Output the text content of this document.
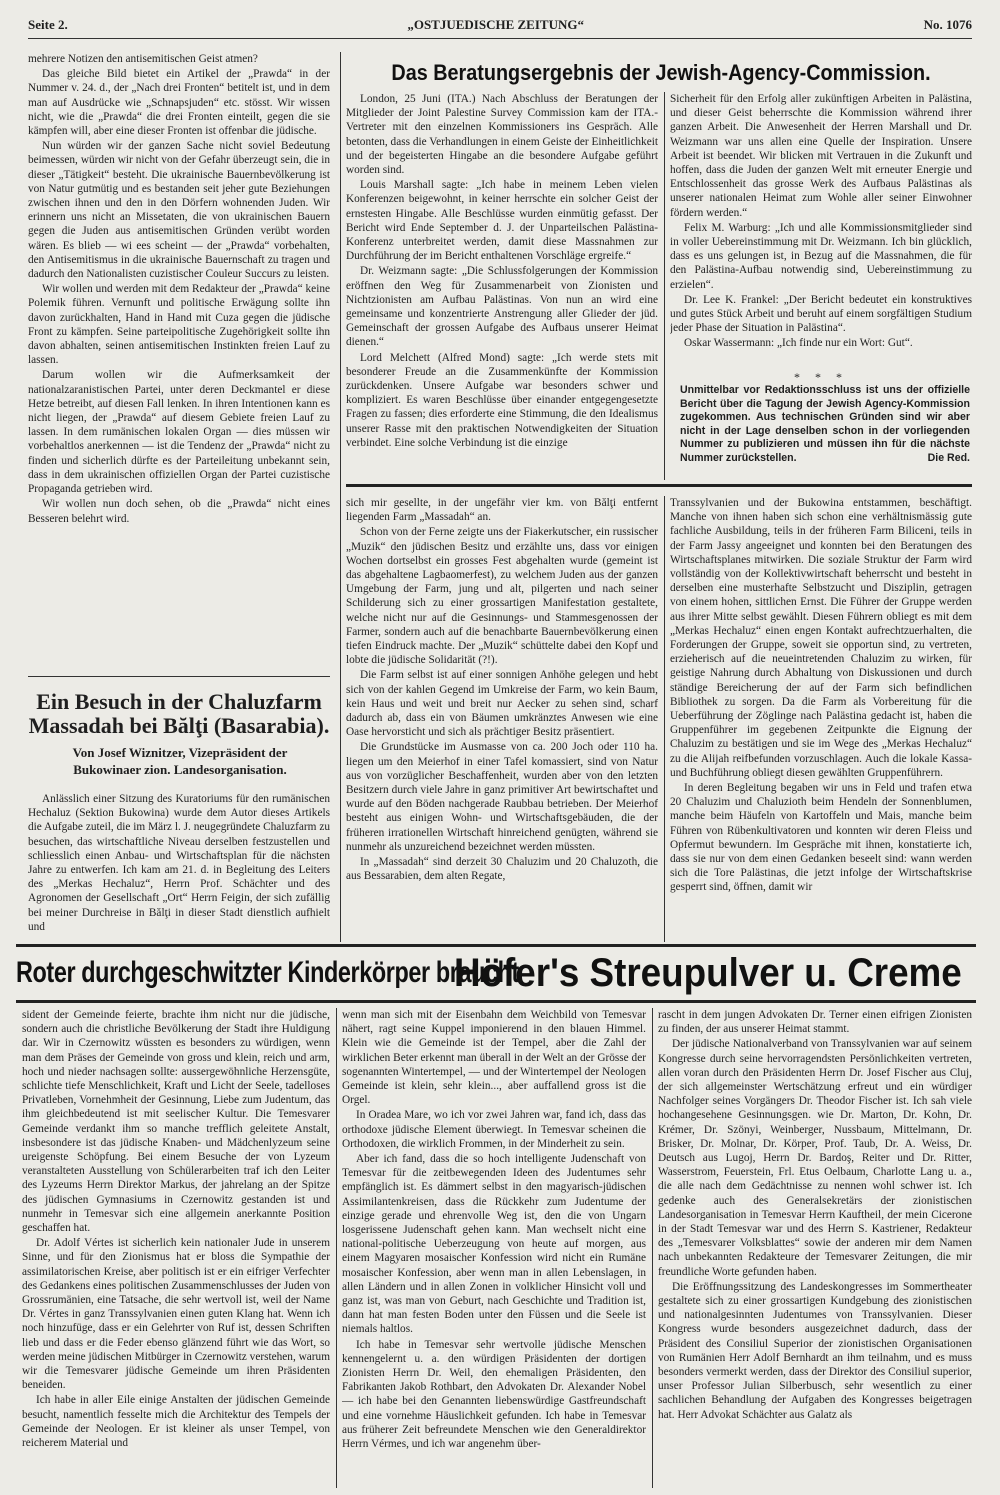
Seite 2.	„OSTJUEDISCHE ZEITUNG“	No. 1076

mehrere Notizen den antisemitischen Geist atmen?

Das gleiche Bild bietet ein Artikel der „Prawda“ in der Nummer v. 24. d., der „Nach drei Fronten“ betitelt ist, und in dem man auf Ausdrücke wie „Schnapsjuden“ etc. stösst. Wir wissen nicht, wie die „Prawda“ die drei Fronten einteilt, gegen die sie kämpfen will, aber eine dieser Fronten ist offenbar die jüdische.

Nun würden wir der ganzen Sache nicht soviel Bedeutung beimessen, würden wir nicht von der Gefahr überzeugt sein, die in dieser „Tätigkeit“ besteht. Die ukrainische Bauernbevölkerung ist von Natur gutmütig und es bestanden seit jeher gute Beziehungen zwischen ihnen und den in den Dörfern wohnenden Juden. Wir erinnern uns nicht an Missetaten, die von ukrainischen Bauern gegen die Juden aus antisemitischen Gründen verübt worden wären. Es blieb — wi ees scheint — der „Prawda“ vorbehalten, den Antisemitismus in die ukrainische Bauernschaft zu tragen und dadurch den Nationalisten cuzistischer Couleur Succurs zu leisten.

Wir wollen und werden mit dem Redakteur der „Prawda“ keine Polemik führen. Vernunft und politische Erwägung sollte ihn davon zurückhalten, Hand in Hand mit Cuza gegen die jüdische Front zu kämpfen. Seine parteipolitische Zugehörigkeit sollte ihn davon abhalten, seinen antisemitischen Instinkten freien Lauf zu lassen.

Darum wollen wir die Aufmerksamkeit der nationalzaranistischen Partei, unter deren Deckmantel er diese Hetze betreibt, auf diesen Fall lenken. In ihren Intentionen kann es nicht liegen, der „Prawda“ auf diesem Gebiete freien Lauf zu lassen. In dem rumänischen lokalen Organ — dies müssen wir vorbehaltlos anerkennen — ist die Tendenz der „Prawda“ nicht zu finden und sicherlich dürfte es der Parteileitung unbekannt sein, dass in dem ukrainischen offiziellen Organ der Partei cuzistische Propaganda getrieben wird.

Wir wollen nun doch sehen, ob die „Prawda“ nicht eines Besseren belehrt wird.

Ein Besuch in der Chaluzfarm Massadah bei Bălţi (Basarabia).
Von Josef Wiznitzer, Vizepräsident der Bukowinaer zion. Landesorganisation.

Anlässlich einer Sitzung des Kuratoriums für den rumänischen Hechaluz (Sektion Bukowina) wurde dem Autor dieses Artikels die Aufgabe zuteil, die im März l. J. neugegründete Chaluzfarm zu besuchen, das wirtschaftliche Niveau derselben festzustellen und schliesslich einen Anbau- und Wirtschaftsplan für die nächsten Jahre zu entwerfen. Ich kam am 21. d. in Begleitung des Leiters des „Merkas Hechaluz“, Herrn Prof. Schächter und des Agronomen der Gesellschaft „Ort“ Herrn Feigin, der sich zufällig bei meiner Durchreise in Bălţi in dieser Stadt dienstlich aufhielt und

Das Beratungsergebnis der Jewish-Agency-Commission.

London, 25 Juni (ITA.) Nach Abschluss der Beratungen der Mitglieder der Joint Palestine Survey Commission kam der ITA.-Vertreter mit den einzelnen Kommissioners ins Gespräch. Alle betonten, dass die Verhandlungen in einem Geiste der Einheitlichkeit und der begeisterten Hingabe an die besondere Aufgabe geführt worden sind.

Louis Marshall sagte: „Ich habe in meinem Leben vielen Konferenzen beigewohnt, in keiner herrschte ein solcher Geist der ernstesten Hingabe. Alle Beschlüsse wurden einmütig gefasst. Der Bericht wird Ende September d. J. der Unparteilschen Palästina-Konferenz unterbreitet werden, damit diese Massnahmen zur Durchführung der im Bericht enthaltenen Vorschläge ergreife.“

Dr. Weizmann sagte: „Die Schlussfolgerungen der Kommission eröffnen den Weg für Zusammenarbeit von Zionisten und Nichtzionisten am Aufbau Palästinas. Von nun an wird eine gemeinsame und konzentrierte Anstrengung aller Glieder der jüd. Gemeinschaft der grossen Aufgabe des Aufbaus unserer Heimat dienen.“

Lord Melchett (Alfred Mond) sagte: „Ich werde stets mit besonderer Freude an die Zusammenkünfte der Kommission zurückdenken. Unsere Aufgabe war besonders schwer und kompliziert. Es waren Beschlüsse über einander entgegengesetzte Fragen zu fassen; dies erforderte eine Stimmung, die den Idealismus unserer Rasse mit den praktischen Notwendigkeiten der Situation verbindet. Eine solche Verbindung ist die einzige

Sicherheit für den Erfolg aller zukünftigen Arbeiten in Palästina, und dieser Geist beherrschte die Kommission während ihrer ganzen Arbeit. Die Anwesenheit der Herren Marshall und Dr. Weizmann war uns allen eine Quelle der Inspiration. Unsere Arbeit ist beendet. Wir blicken mit Vertrauen in die Zukunft und hoffen, dass die Juden der ganzen Welt mit erneuter Energie und Entschlossenheit das grosse Werk des Aufbaus Palästinas als unserer nationalen Heimat zum Wohle aller seiner Einwohner fördern werden.“

Felix M. Warburg: „Ich und alle Kommissionsmitglieder sind in voller Uebereinstimmung mit Dr. Weizmann. Ich bin glücklich, dass es uns gelungen ist, in Bezug auf die Massnahmen, die für den Palästina-Aufbau notwendig sind, Uebereinstimmung zu erzielen“.

Dr. Lee K. Frankel: „Der Bericht bedeutet ein konstruktives und gutes Stück Arbeit und beruht auf einem sorgfältigen Studium jeder Phase der Situation in Palästina“.

Oskar Wassermann: „Ich finde nur ein Wort: Gut“.

* * *
Unmittelbar vor Redaktionsschluss ist uns der offizielle Bericht über die Tagung der Jewish Agency-Kommission zugekommen. Aus technischen Gründen sind wir aber nicht in der Lage denselben schon in der vorliegenden Nummer zu publizieren und müssen ihn für die nächste Nummer zurückstellen.	Die Red.

sich mir gesellte, in der ungefähr vier km. von Bălţi entfernt liegenden Farm „Massadah“ an.

Schon von der Ferne zeigte uns der Fiakerkutscher, ein russischer „Muzik“ den jüdischen Besitz und erzählte uns, dass vor einigen Wochen dortselbst ein grosses Fest abgehalten wurde (gemeint ist das abgehaltene Lagbaomerfest), zu welchem Juden aus der ganzen Umgebung der Farm, jung und alt, pilgerten und nach seiner Schilderung sich zu einer grossartigen Manifestation gestaltete, welche nicht nur auf die Gesinnungs- und Stammesgenossen der Farmer, sondern auch auf die benachbarte Bauernbevölkerung einen tiefen Eindruck machte. Der „Muzik“ schüttelte dabei den Kopf und lobte die jüdische Solidarität (?!).

Die Farm selbst ist auf einer sonnigen Anhöhe gelegen und hebt sich von der kahlen Gegend im Umkreise der Farm, wo kein Baum, kein Haus und weit und breit nur Aecker zu sehen sind, scharf dadurch ab, dass ein von Bäumen umkränztes Anwesen wie eine Oase hervorsticht und sich als prächtiger Besitz präsentiert.

Die Grundstücke im Ausmasse von ca. 200 Joch oder 110 ha. liegen um den Meierhof in einer Tafel komassiert, sind von Natur aus von vorzüglicher Beschaffenheit, wurden aber von den letzten Besitzern durch viele Jahre in ganz primitiver Art bewirtschaftet und wurde auf den Böden nachgerade Raubbau betrieben. Der Meierhof besteht aus einigen Wohn- und Wirtschaftsgebäuden, die der früheren irrationellen Wirtschaft hinreichend genügten, während sie nunmehr als unzureichend bezeichnet werden müssten.

In „Massadah“ sind derzeit 30 Chaluzim und 20 Chaluzoth, die aus Bessarabien, dem alten Regate,

Transsylvanien und der Bukowina entstammen, beschäftigt. Manche von ihnen haben sich schon eine verhältnismässig gute fachliche Ausbildung, teils in der früheren Farm Biliceni, teils in der Farm Jassy angeeignet und konnten bei den Beratungen des Wirtschaftsplanes mitwirken. Die soziale Struktur der Farm wird vollständig von der Kollektivwirtschaft beherrscht und besteht in derselben eine musterhafte Selbstzucht und Disziplin, getragen von einem hohen, sittlichen Ernst. Die Führer der Gruppe werden aus ihrer Mitte selbst gewählt. Diesen Führern obliegt es mit dem „Merkas Hechaluz“ einen engen Kontakt aufrechtzuerhalten, die Forderungen der Gruppe, soweit sie opportun sind, zu vertreten, erzieherisch auf die neueintretenden Chaluzim zu wirken, für geistige Nahrung durch Abhaltung von Diskussionen und durch ständige Bereicherung der auf der Farm sich befindlichen Bibliothek zu sorgen. Da die Farm als Vorbereitung für die Ueberführung der Zöglinge nach Palästina gedacht ist, haben die Gruppenführer im gegebenen Zeitpunkte die Eignung der Chaluzim zu bestätigen und sie im Wege des „Merkas Hechaluz“ zu die Alijah reifbefunden vorzuschlagen. Auch die lokale Kassa- und Buchführung obliegt diesen gewählten Gruppenführern.

In deren Begleitung begaben wir uns in Feld und trafen etwa 20 Chaluzim und Chaluzioth beim Hendeln der Sonnenblumen, manche beim Häufeln von Kartoffeln und Mais, manche beim Führen von Rübenkultivatoren und konnten wir deren Fleiss und Opfermut bewundern. Im Gespräche mit ihnen, konstatierte ich, dass sie nur von dem einen Gedanken beseelt sind: wann werden sich die Tore Palästinas, die jetzt infolge der Wirtschaftskrise gesperrt sind, öffnen, damit wir

Roter durchgeschwitzter Kinderkörper braucht
Höfer's Streupulver u. Creme

sident der Gemeinde feierte, brachte ihm nicht nur die jüdische, sondern auch die christliche Bevölkerung der Stadt ihre Huldigung dar. Wir in Czernowitz wüssten es besonders zu würdigen, wenn man dem Präses der Gemeinde von gross und klein, reich und arm, hoch und nieder nachsagen sollte: aussergewöhnliche Herzensgüte, schlichte tiefe Menschlichkeit, Kraft und Licht der Seele, tadelloses Privatleben, Vornehmheit der Gesinnung, Liebe zum Judentum, das ihm gleichbedeutend ist mit seelischer Kultur. Die Temesvarer Gemeinde verdankt ihm so manche trefflich geleitete Anstalt, insbesondere ist das jüdische Knaben- und Mädchenlyzeum seine ureigenste Schöpfung. Bei einem Besuche der von Lyzeum veranstalteten Ausstellung von Schülerarbeiten traf ich den Leiter des Lyzeums Herrn Direktor Markus, der jahrelang an der Spitze des jüdischen Gymnasiums in Czernowitz gestanden ist und nunmehr in Temesvar sich eine allgemein anerkannte Position geschaffen hat.

Dr. Adolf Vértes ist sicherlich kein nationaler Jude in unserem Sinne, und für den Zionismus hat er bloss die Sympathie der assimilatorischen Kreise, aber politisch ist er ein eifriger Verfechter des Gedankens eines politischen Zusammenschlusses der Juden von Grossrumänien, eine Tatsache, die sehr wertvoll ist, weil der Name Dr. Vértes in ganz Transsylvanien einen guten Klang hat. Wenn ich noch hinzufüge, dass er ein Gelehrter von Ruf ist, dessen Schriften lieb und dass er die Feder ebenso glänzend führt wie das Wort, so werden meine jüdischen Mitbürger in Czernowitz verstehen, warum wir die Temesvarer jüdische Gemeinde um ihren Präsidenten beneiden.

Ich habe in aller Eile einige Anstalten der jüdischen Gemeinde besucht, namentlich fesselte mich die Architektur des Tempels der Gemeinde der Neologen. Er ist kleiner als unser Tempel, von reicherem Material und

wenn man sich mit der Eisenbahn dem Weichbild von Temesvar nähert, ragt seine Kuppel imponierend in den blauen Himmel. Klein wie die Gemeinde ist der Tempel, aber die Zahl der wirklichen Beter erkennt man überall in der Welt an der Grösse der sogenannten Wintertempel, — und der Wintertempel der Neologen Gemeinde ist klein, sehr klein..., aber auffallend gross ist die Orgel.

In Oradea Mare, wo ich vor zwei Jahren war, fand ich, dass das orthodoxe jüdische Element überwiegt. In Temesvar scheinen die Orthodoxen, die wirklich Frommen, in der Minderheit zu sein.

Aber ich fand, dass die so hoch intelligente Judenschaft von Temesvar für die zeitbewegenden Ideen des Judentumes sehr empfänglich ist. Es dämmert selbst in den magyarisch-jüdischen Assimilantenkreisen, dass die Rückkehr zum Judentume der einzige gerade und ehrenvolle Weg ist, den die von Ungarn losgerissene Judenschaft gehen kann. Man wechselt nicht eine national-politische Ueberzeugung von heute auf morgen, aus einem Magyaren mosaischer Konfession wird nicht ein Rumäne mosaischer Konfession, aber wenn man in allen Lebenslagen, in allen Ländern und in allen Zonen in volklicher Hinsicht voll und ganz ist, was man von Geburt, nach Geschichte und Tradition ist, dann hat man festen Boden unter den Füssen und die Seele ist niemals haltlos.

Ich habe in Temesvar sehr wertvolle jüdische Menschen kennengelernt u. a. den würdigen Präsidenten der dortigen Zionisten Herrn Dr. Weil, den ehemaligen Präsidenten, den Fabrikanten Jakob Rothbart, den Advokaten Dr. Alexander Nobel — ich habe bei den Genannten liebenswürdige Gastfreundschaft und eine vornehme Häuslichkeit gefunden. Ich habe in Temesvar aus früherer Zeit befreundete Menschen wie den Generaldirektor Herrn Vérmes, und ich war angenehm über-

rascht in dem jungen Advokaten Dr. Terner einen eifrigen Zionisten zu finden, der aus unserer Heimat stammt.

Der jüdische Nationalverband von Transsylvanien war auf seinem Kongresse durch seine hervorragendsten Persönlichkeiten vertreten, allen voran durch den Präsidenten Herrn Dr. Josef Fischer aus Cluj, der sich allgemeinster Wertschätzung erfreut und ein würdiger Nachfolger seines Vorgängers Dr. Theodor Fischer ist. Ich sah viele hochangesehene Gesinnungsgen. wie Dr. Marton, Dr. Kohn, Dr. Krémer, Dr. Szönyi, Weinberger, Nussbaum, Mittelmann, Dr. Brisker, Dr. Molnar, Dr. Körper, Prof. Taub, Dr. A. Weiss, Dr. Deutsch aus Lugoj, Herrn Dr. Bardoş, Reiter und Dr. Ritter, Wasserstrom, Feuerstein, Frl. Etus Oelbaum, Charlotte Lang u. a., die alle nach dem Gedächtnisse zu nennen wohl schwer ist. Ich gedenke auch des Generalsekretärs der zionistischen Landesorganisation in Temesvar Herrn Kauftheil, der mein Cicerone in der Stadt Temesvar war und des Herrn S. Kastriener, Redakteur des „Temesvarer Volksblattes“ sowie der anderen mir dem Namen nach unbekannten Redakteure der Temesvarer Zeitungen, die mir freundliche Worte gefunden haben.

Die Eröffnungssitzung des Landeskongresses im Sommertheater gestaltete sich zu einer grossartigen Kundgebung des zionistischen und nationalgesinnten Judentumes von Transsylvanien. Dieser Kongress wurde besonders ausgezeichnet dadurch, dass der Präsident des Consiliul Superior der zionistischen Organisationen von Rumänien Herr Adolf Bernhardt an ihm teilnahm, und es muss besonders vermerkt werden, dass der Direktor des Consiliul superior, unser Professor Julian Silberbusch, sehr wesentlich zu einer sachlichen Behandlung der Aufgaben des Kongresses beigetragen hat. Herr Advokat Schächter aus Galatz als
